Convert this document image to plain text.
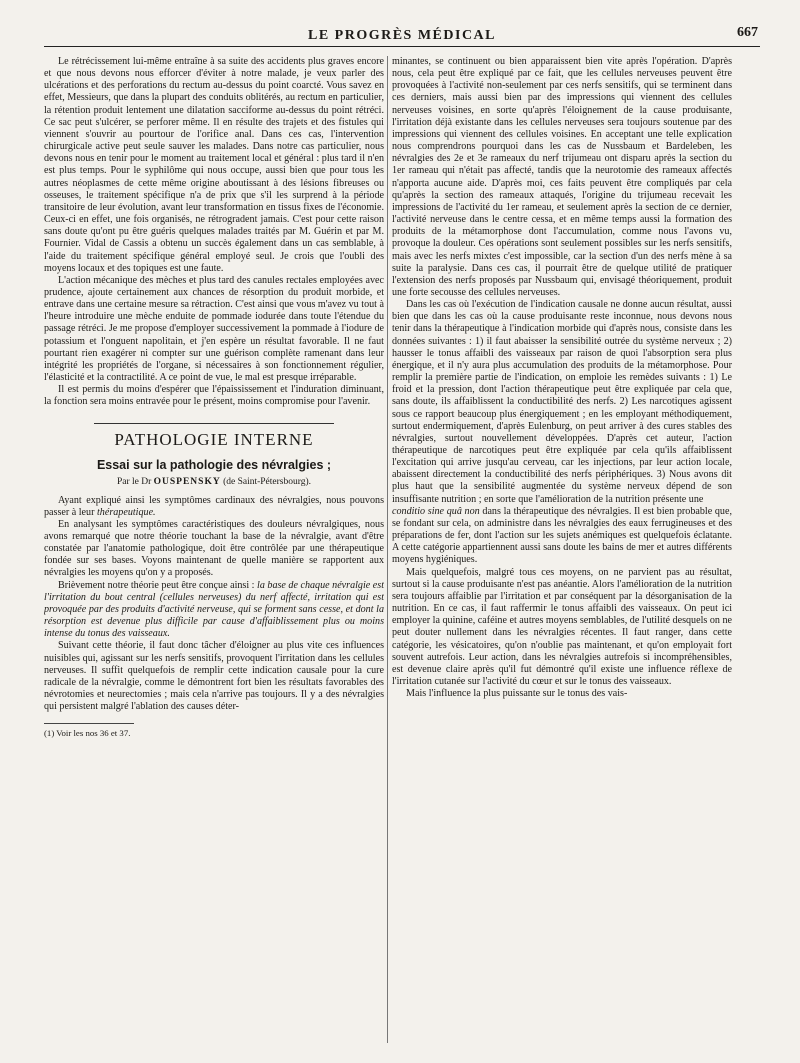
LE PROGRÈS MÉDICAL	667

Le rétrécissement lui-même entraîne à sa suite des accidents plus graves encore et que nous devons nous efforcer d'éviter à notre malade, je veux parler des ulcérations et des perforations du rectum au-dessus du point coarcté. Vous savez en effet, Messieurs, que dans la plupart des conduits oblitérés, au rectum en particulier, la rétention produit lentement une dilatation sacciforme au-dessus du point rétréci. Ce sac peut s'ulcérer, se perforer même. Il en résulte des trajets et des fistules qui viennent s'ouvrir au pourtour de l'orifice anal. Dans ces cas, l'intervention chirurgicale active peut seule sauver les malades. Dans notre cas particulier, nous devons nous en tenir pour le moment au traitement local et général : plus tard il n'en est plus temps. Pour le syphilôme qui nous occupe, aussi bien que pour tous les autres néoplasmes de cette même origine aboutissant à des lésions fibreuses ou osseuses, le traitement spécifique n'a de prix que s'il les surprend à la période transitoire de leur évolution, avant leur transformation en tissus fixes de l'économie. Ceux-ci en effet, une fois organisés, ne rétrogradent jamais. C'est pour cette raison sans doute qu'ont pu être guéris quelques malades traités par M. Guérin et par M. Fournier. Vidal de Cassis a obtenu un succès également dans un cas semblable, à l'aide du traitement spécifique général employé seul. Je crois que l'oubli des moyens locaux et des topiques est une faute.

L'action mécanique des mèches et plus tard des canules rectales employées avec prudence, ajoute certainement aux chances de résorption du produit morbide, et entrave dans une certaine mesure sa rétraction. C'est ainsi que vous m'avez vu tout à l'heure introduire une mèche enduite de pommade iodurée dans toute l'étendue du passage rétréci. Je me propose d'employer successivement la pommade à l'iodure de potassium et l'onguent napolitain, et j'en espère un résultat favorable. Il ne faut pourtant rien exagérer ni compter sur une guérison complète ramenant dans leur intégrité les propriétés de l'organe, si nécessaires à son fonctionnement régulier, l'élasticité et la contractilité. A ce point de vue, le mal est presque irréparable.

Il est permis du moins d'espérer que l'épaississement et l'induration diminuant, la fonction sera moins entravée pour le présent, moins compromise pour l'avenir.

PATHOLOGIE INTERNE
Essai sur la pathologie des névralgies ;
Par le Dr OUSPENSKY (de Saint-Pétersbourg).

Ayant expliqué ainsi les symptômes cardinaux des névralgies, nous pouvons passer à leur thérapeutique.

En analysant les symptômes caractéristiques des douleurs névralgiques, nous avons remarqué que notre théorie touchant la base de la névralgie, avant d'être constatée par l'anatomie pathologique, doit être contrôlée par une thérapeutique fondée sur ses bases. Voyons maintenant de quelle manière se rapportent aux névralgies les moyens qu'on y a proposés.

Brièvement notre théorie peut être conçue ainsi : la base de chaque névralgie est l'irritation du bout central (cellules nerveuses) du nerf affecté, irritation qui est provoquée par des produits d'activité nerveuse, qui se forment sans cesse, et dont la résorption est devenue plus difficile par cause d'affaiblissement plus ou moins intense du tonus des vaisseaux.

Suivant cette théorie, il faut donc tâcher d'éloigner au plus vite ces influences nuisibles qui, agissant sur les nerfs sensitifs, provoquent l'irritation dans les cellules nerveuses. Il suffit quelquefois de remplir cette indication causale pour la cure radicale de la névralgie, comme le démontrent fort bien les résultats favorables des névrotomies et neurectomies ; mais cela n'arrive pas toujours. Il y a des névralgies qui persistent malgré l'ablation des causes déter-

(1) Voir les nos 36 et 37.

minantes, se continuent ou bien apparaissent bien vite après l'opération. D'après nous, cela peut être expliqué par ce fait, que les cellules nerveuses peuvent être provoquées à l'activité non-seulement par ces nerfs sensitifs, qui se terminent dans ces derniers, mais aussi bien par des impressions qui viennent des cellules nerveuses voisines, en sorte qu'après l'éloignement de la cause produisante, l'irritation déjà existante dans les cellules nerveuses sera toujours soutenue par des impressions qui viennent des cellules voisines. En acceptant une telle explication nous comprendrons pourquoi dans les cas de Nussbaum et Bardeleben, les névralgies des 2e et 3e rameaux du nerf trijumeau ont disparu après la section du 1er rameau qui n'était pas affecté, tandis que la neurotomie des rameaux affectés n'apporta aucune aide. D'après moi, ces faits peuvent être compliqués par cela qu'après la section des rameaux attaqués, l'origine du trijumeau recevait les impressions de l'activité du 1er rameau, et seulement après la section de ce dernier, l'activité nerveuse dans le centre cessa, et en même temps aussi la formation des produits de la métamorphose dont l'accumulation, comme nous l'avons vu, provoque la douleur. Ces opérations sont seulement possibles sur les nerfs sensitifs, mais avec les nerfs mixtes c'est impossible, car la section d'un des nerfs mène à sa suite la paralysie. Dans ces cas, il pourrait être de quelque utilité de pratiquer l'extension des nerfs proposés par Nussbaum qui, envisagé théoriquement, produit une forte secousse des cellules nerveuses.

Dans les cas où l'exécution de l'indication causale ne donne aucun résultat, aussi bien que dans les cas où la cause produisante reste inconnue, nous devons nous tenir dans la thérapeutique à l'indication morbide qui d'après nous, consiste dans les données suivantes : 1) il faut abaisser la sensibilité outrée du système nerveux ; 2) hausser le tonus affaibli des vaisseaux par raison de quoi l'absorption sera plus énergique, et il n'y aura plus accumulation des produits de la métamorphose. Pour remplir la première partie de l'indication, on emploie les remèdes suivants : 1) Le froid et la pression, dont l'action thérapeutique peut être expliquée par cela que, sans doute, ils affaiblissent la conductibilité des nerfs. 2) Les narcotiques agissent sous ce rapport beaucoup plus énergiquement ; en les employant méthodiquement, surtout endermiquement, d'après Eulenburg, on peut arriver à des cures stables des névralgies, surtout nouvellement développées. D'après cet auteur, l'action thérapeutique de narcotiques peut être expliquée par cela qu'ils affaiblissent l'excitation qui arrive jusqu'au cerveau, car les injections, par leur action locale, abaissent directement la conductibilité des nerfs périphériques. 3) Nous avons dit plus haut que la sensibilité augmentée du système nerveux dépend de son insuffisante nutrition ; en sorte que l'amélioration de la nutrition présente une

conditio sine quâ non dans la thérapeutique des névralgies. Il est bien probable que, se fondant sur cela, on administre dans les névralgies des eaux ferrugineuses et des préparations de fer, dont l'action sur les sujets anémiques est quelquefois éclatante. A cette catégorie appartiennent aussi sans doute les bains de mer et autres différents moyens hygiéniques.

Mais quelquefois, malgré tous ces moyens, on ne parvient pas au résultat, surtout si la cause produisante n'est pas anéantie. Alors l'amélioration de la nutrition sera toujours affaiblie par l'irritation et par conséquent par la désorganisation de la nutrition. En ce cas, il faut raffermir le tonus affaibli des vaisseaux. On peut ici employer la quinine, caféine et autres moyens semblables, de l'utilité desquels on ne peut douter nullement dans les névralgies récentes. Il faut ranger, dans cette catégorie, les vésicatoires, qu'on n'oublie pas maintenant, et qu'on employait fort souvent autrefois. Leur action, dans les névralgies autrefois si incompréhensibles, est devenue claire après qu'il fut démontré qu'il existe une influence réflexe de l'irritation cutanée sur l'activité du cœur et sur le tonus des vaisseaux.

Mais l'influence la plus puissante sur le tonus des vais-
